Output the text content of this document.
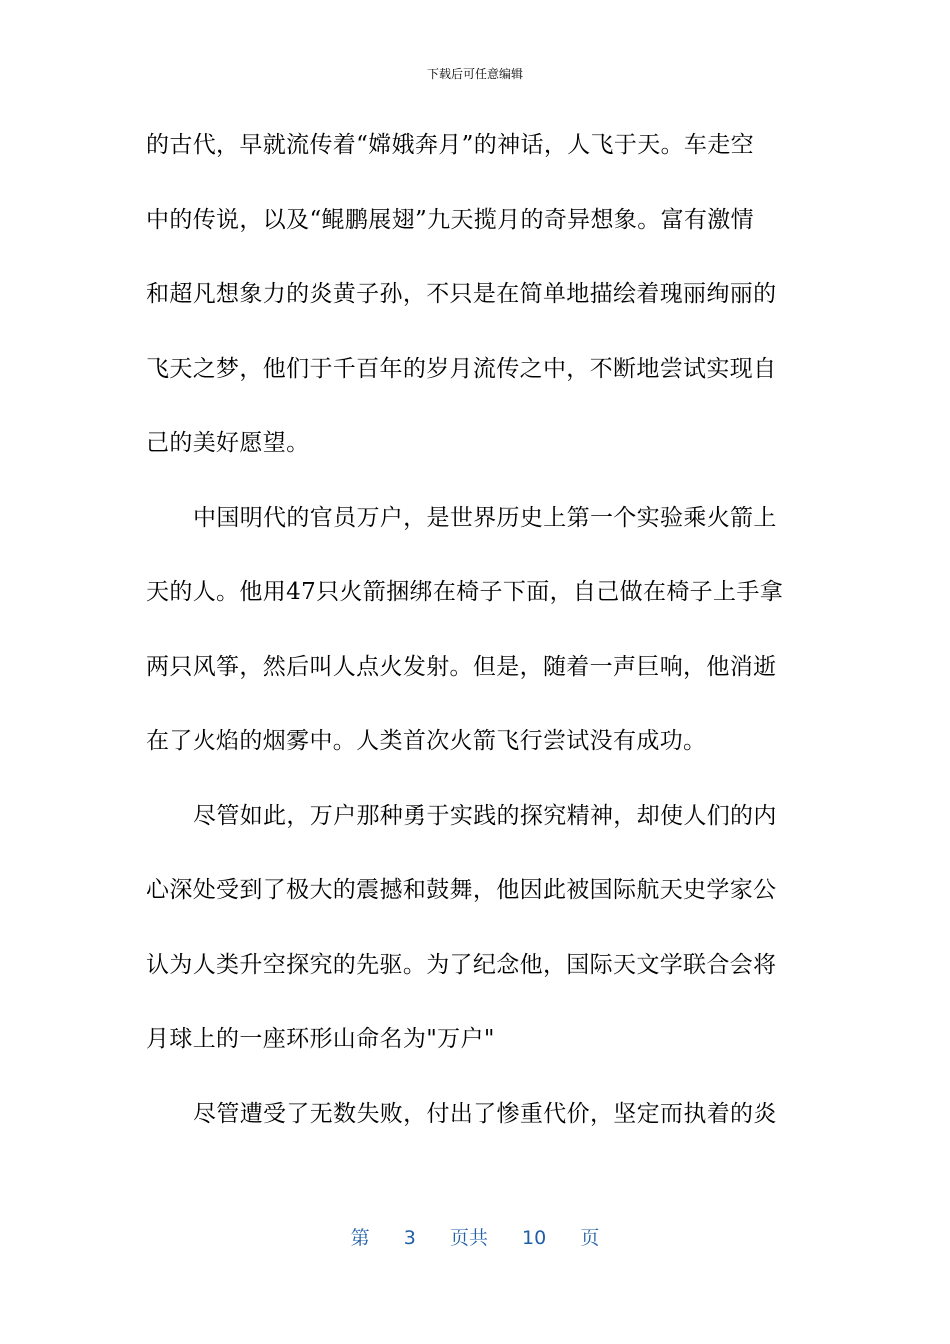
下载后可任意编辑
的古代，早就流传着“嫦娥奔月”的神话，人飞于天。车走空
中的传说，以及“鲲鹏展翅”九天揽月的奇异想象。富有激情
和超凡想象力的炎黄子孙，不只是在简单地描绘着瑰丽绚丽的
飞天之梦，他们于千百年的岁月流传之中，不断地尝试实现自
己的美好愿望。
中国明代的官员万户，是世界历史上第一个实验乘火箭上
天的人。他用47只火箭捆绑在椅子下面，自己做在椅子上手拿
两只风筝，然后叫人点火发射。但是，随着一声巨响，他消逝
在了火焰的烟雾中。人类首次火箭飞行尝试没有成功。
尽管如此，万户那种勇于实践的探究精神，却使人们的内
心深处受到了极大的震撼和鼓舞，他因此被国际航天史学家公
认为人类升空探究的先驱。为了纪念他，国际天文学联合会将
月球上的一座环形山命名为"万户"
尽管遭受了无数失败，付出了惨重代价，坚定而执着的炎
第 3 页共 10 页
